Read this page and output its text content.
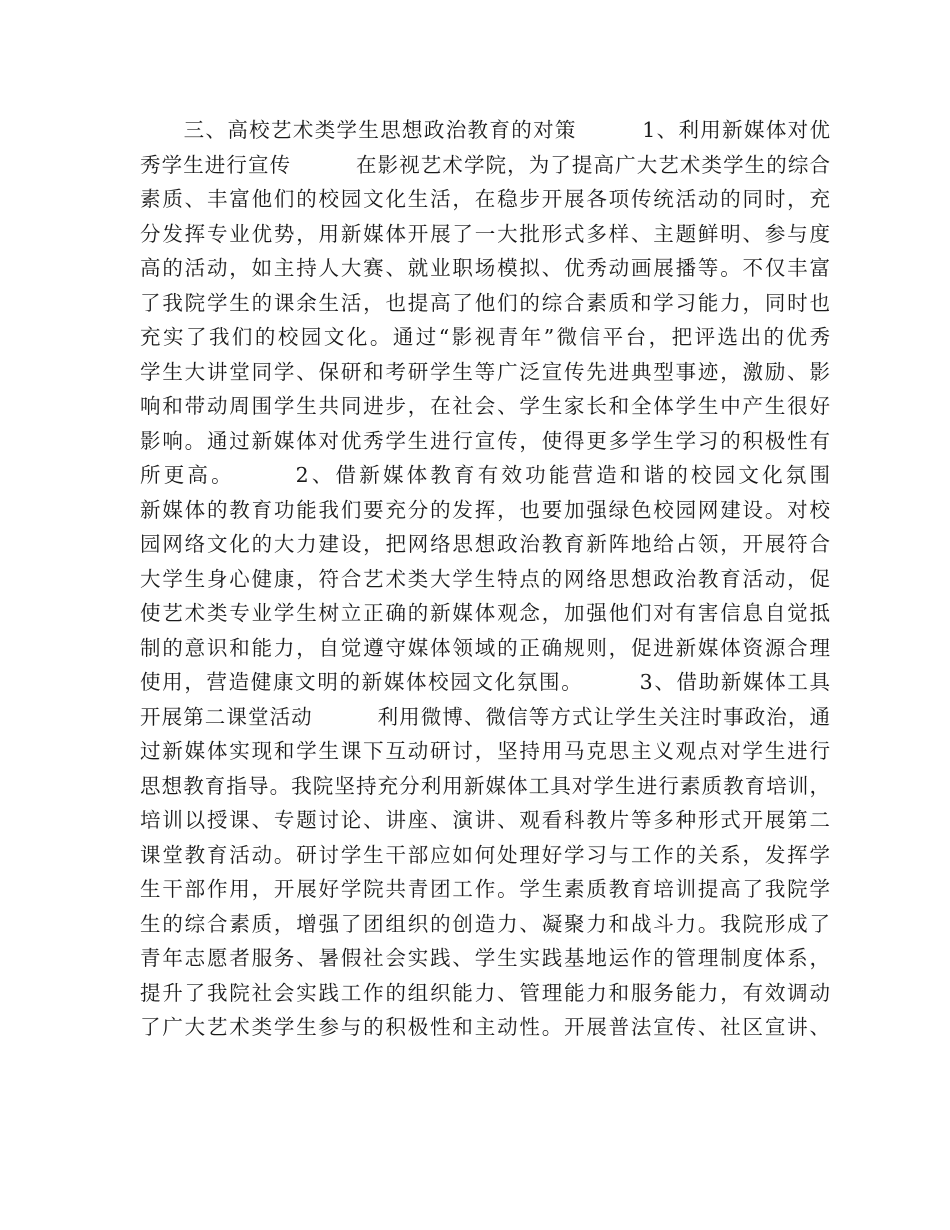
　　三、高校艺术类学生思想政治教育的对策　　　1、利用新媒体对优
秀学生进行宣传　　　在影视艺术学院，为了提高广大艺术类学生的综合
素质、丰富他们的校园文化生活，在稳步开展各项传统活动的同时，充
分发挥专业优势，用新媒体开展了一大批形式多样、主题鲜明、参与度
高的活动，如主持人大赛、就业职场模拟、优秀动画展播等。不仅丰富
了我院学生的课余生活，也提高了他们的综合素质和学习能力，同时也
充实了我们的校园文化。通过“影视青年”微信平台，把评选出的优秀
学生大讲堂同学、保研和考研学生等广泛宣传先进典型事迹，激励、影
响和带动周围学生共同进步，在社会、学生家长和全体学生中产生很好
影响。通过新媒体对优秀学生进行宣传，使得更多学生学习的积极性有
所更高。　　　2、借新媒体教育有效功能营造和谐的校园文化氛围
新媒体的教育功能我们要充分的发挥，也要加强绿色校园网建设。对校
园网络文化的大力建设，把网络思想政治教育新阵地给占领，开展符合
大学生身心健康，符合艺术类大学生特点的网络思想政治教育活动，促
使艺术类专业学生树立正确的新媒体观念，加强他们对有害信息自觉抵
制的意识和能力，自觉遵守媒体领域的正确规则，促进新媒体资源合理
使用，营造健康文明的新媒体校园文化氛围。　　　3、借助新媒体工具
开展第二课堂活动　　　利用微博、微信等方式让学生关注时事政治，通
过新媒体实现和学生课下互动研讨，坚持用马克思主义观点对学生进行
思想教育指导。我院坚持充分利用新媒体工具对学生进行素质教育培训，
培训以授课、专题讨论、讲座、演讲、观看科教片等多种形式开展第二
课堂教育活动。研讨学生干部应如何处理好学习与工作的关系，发挥学
生干部作用，开展好学院共青团工作。学生素质教育培训提高了我院学
生的综合素质，增强了团组织的创造力、凝聚力和战斗力。我院形成了
青年志愿者服务、暑假社会实践、学生实践基地运作的管理制度体系，
提升了我院社会实践工作的组织能力、管理能力和服务能力，有效调动
了广大艺术类学生参与的积极性和主动性。开展普法宣传、社区宣讲、
